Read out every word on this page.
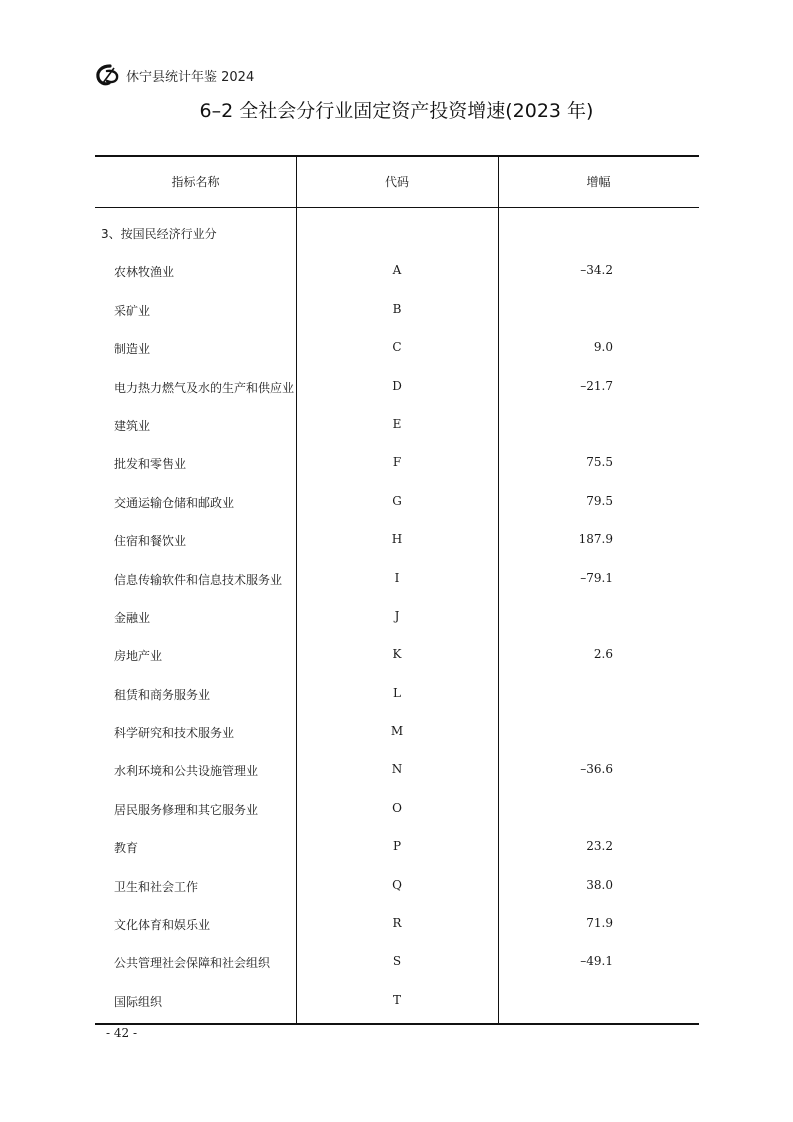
休宁县统计年鉴 2024
6–2 全社会分行业固定资产投资增速(2023 年)
指标名称	代码	增幅
3、按国民经济行业分
农林牧渔业	A	–34.2
采矿业	B
制造业	C	9.0
电力热力燃气及水的生产和供应业	D	–21.7
建筑业	E
批发和零售业	F	75.5
交通运输仓储和邮政业	G	79.5
住宿和餐饮业	H	187.9
信息传输软件和信息技术服务业	I	–79.1
金融业	J
房地产业	K	2.6
租赁和商务服务业	L
科学研究和技术服务业	M
水利环境和公共设施管理业	N	–36.6
居民服务修理和其它服务业	O
教育	P	23.2
卫生和社会工作	Q	38.0
文化体育和娱乐业	R	71.9
公共管理社会保障和社会组织	S	–49.1
国际组织	T
- 42 -
